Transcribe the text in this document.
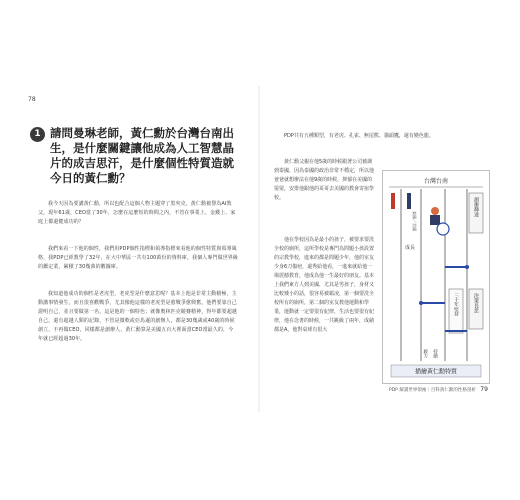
78
1 請問曼琳老師，黃仁勳於台灣台南出生，是什麼關鍵讓他成為人工智慧晶片的成吉思汗，是什麼個性特質造就今日的黃仁勳？

我今天因為要講黃仁勳，所以也配合這個人物主題穿了黑夾克，黃仁勳被譽為AI教父，現年61歲，CEO當了30年，怎麼在這麼短的時間之內，不管在事業上、金錢上、家庭上都還健成功的？

我們來看一下他的個性，我們用PDP個性指標和領導指標來看他的個性特質與領導風格，我PDP已經教學了32年，在大中華區一共有100萬份的資料庫，我個人專門做世界級的鑑定業，累積了30幾萬的數據庫。

我知道他成功的個性是老虎型，老虎型是什麼意思呢？基本上他是非常主動積極，主動講事情發生，而且很喜歡戰爭，尤其像他這樣的老虎型是愈戰爭愈興奮，他們要靠自己證明自己，並且要做第一名，這是他的一個特色；就像奧林匹克競賽精神，得年都要超越自己，還有超越人類的記錄，不管是微軟或亞馬遜的創辦人，都是30幾歲或40歲的時候創立，不再做CEO，同樣都是創辦人，黃仁勳算是美國五百大裡面當CEO當最久的，今年就已經超過30年。

PDP共有五種類型，有老虎、孔雀、無尾熊、貓頭鷹，還有變色龍。

黃仁勳父親在他5歲的時候跟著公司被調到泰國，因為泰國的政治非常不穩定，所以他爸爸就想辦法在他9歲的時候，抑郁在美國的舅舅，安排他跟他的哥哥去美國的教會寄宿學校。

他在學校因為是最小的孩子，被要求要洗全校的廁所，這所學校是專門為問題小孩設置的宗教學校，進來的都是問題少年，他的室友少身6刀傷疤，還秀給他看，一進來就給他一場震撼教育，他成為他一生最好的朋友。基本上我們東方人到美國，尤其是男孩子，身材又比較矮小的話，很容易被霸凌，第一個要洗全校所有的廁所，第二個的室友教他運動和學業，運動就一定要很有紀律，生活也要很有紀律，他在念書的時候，一共跳級了兩年，成績都是A，他對桌球有很大

台灣台南
泰國／美國
成長
創辦輝達
決策長思
三十年堅持
毅力 持續
描繪黃仁勳特質
PDP 解讀世界領袖｜百科黃仁勳的性格剖析 79
